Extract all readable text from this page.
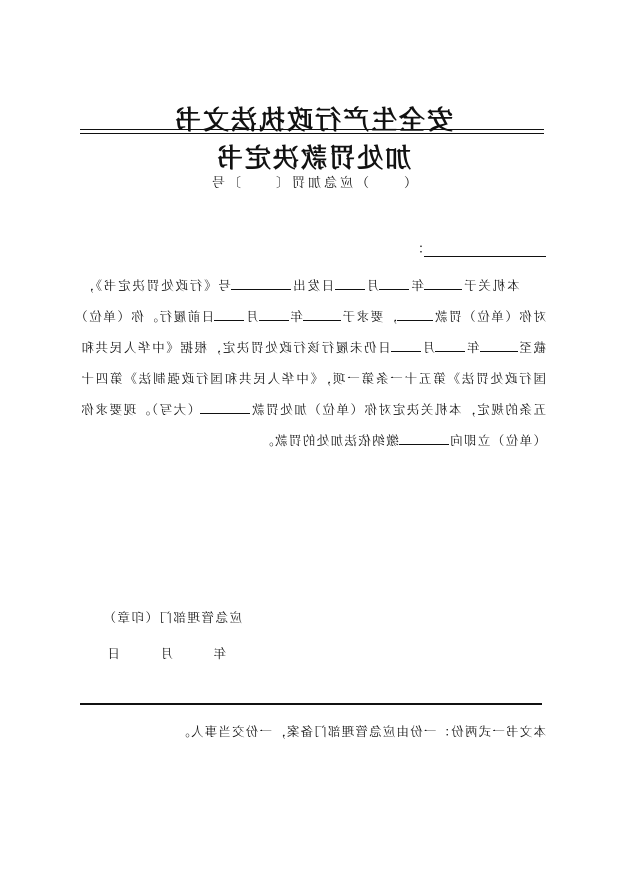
安全生产行政执法文书
加处罚款决定书
（　　）应急加罚〔　　〕号
：
本机关于年月日发出号《行政处罚决定书》，对你（单位）罚款，要求于年月日前履行。你（单位）截至年月日仍未履行该行政处罚决定，根据《中华人民共和国行政处罚法》第五十一条第一项，《中华人民共和国行政强制法》第四十五条的规定，本机关决定对你（单位）加处罚款（大写）。现要求你（单位）立即向缴纳依法加处的罚款。
应急管理部门（印章）
年　月　日
本文书一式两份：一份由应急管理部门备案，一份交当事人。
